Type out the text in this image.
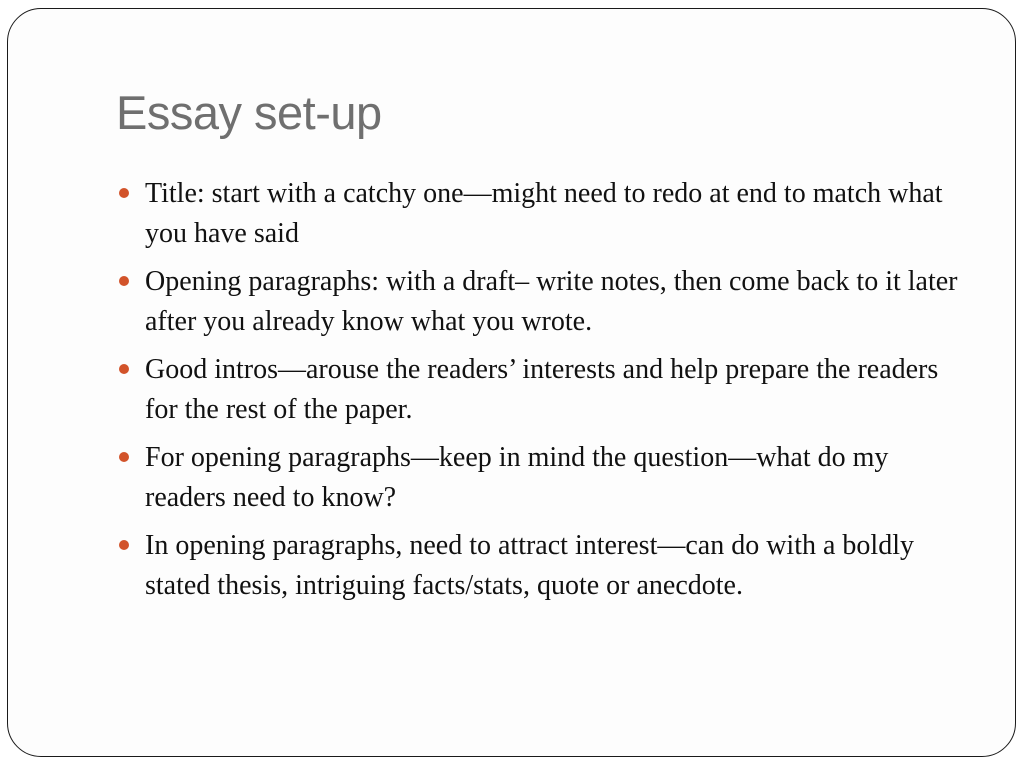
Essay set-up
Title: start with a catchy one—might need to redo at end to match what you have said
Opening paragraphs: with a draft– write notes, then come back to it later after you already know what you wrote.
Good intros—arouse the readers’ interests and help prepare the readers for the rest of the paper.
For opening paragraphs—keep in mind the question—what do my readers need to know?
In opening paragraphs, need to attract interest—can do with a boldly stated thesis, intriguing facts/stats, quote or anecdote.
